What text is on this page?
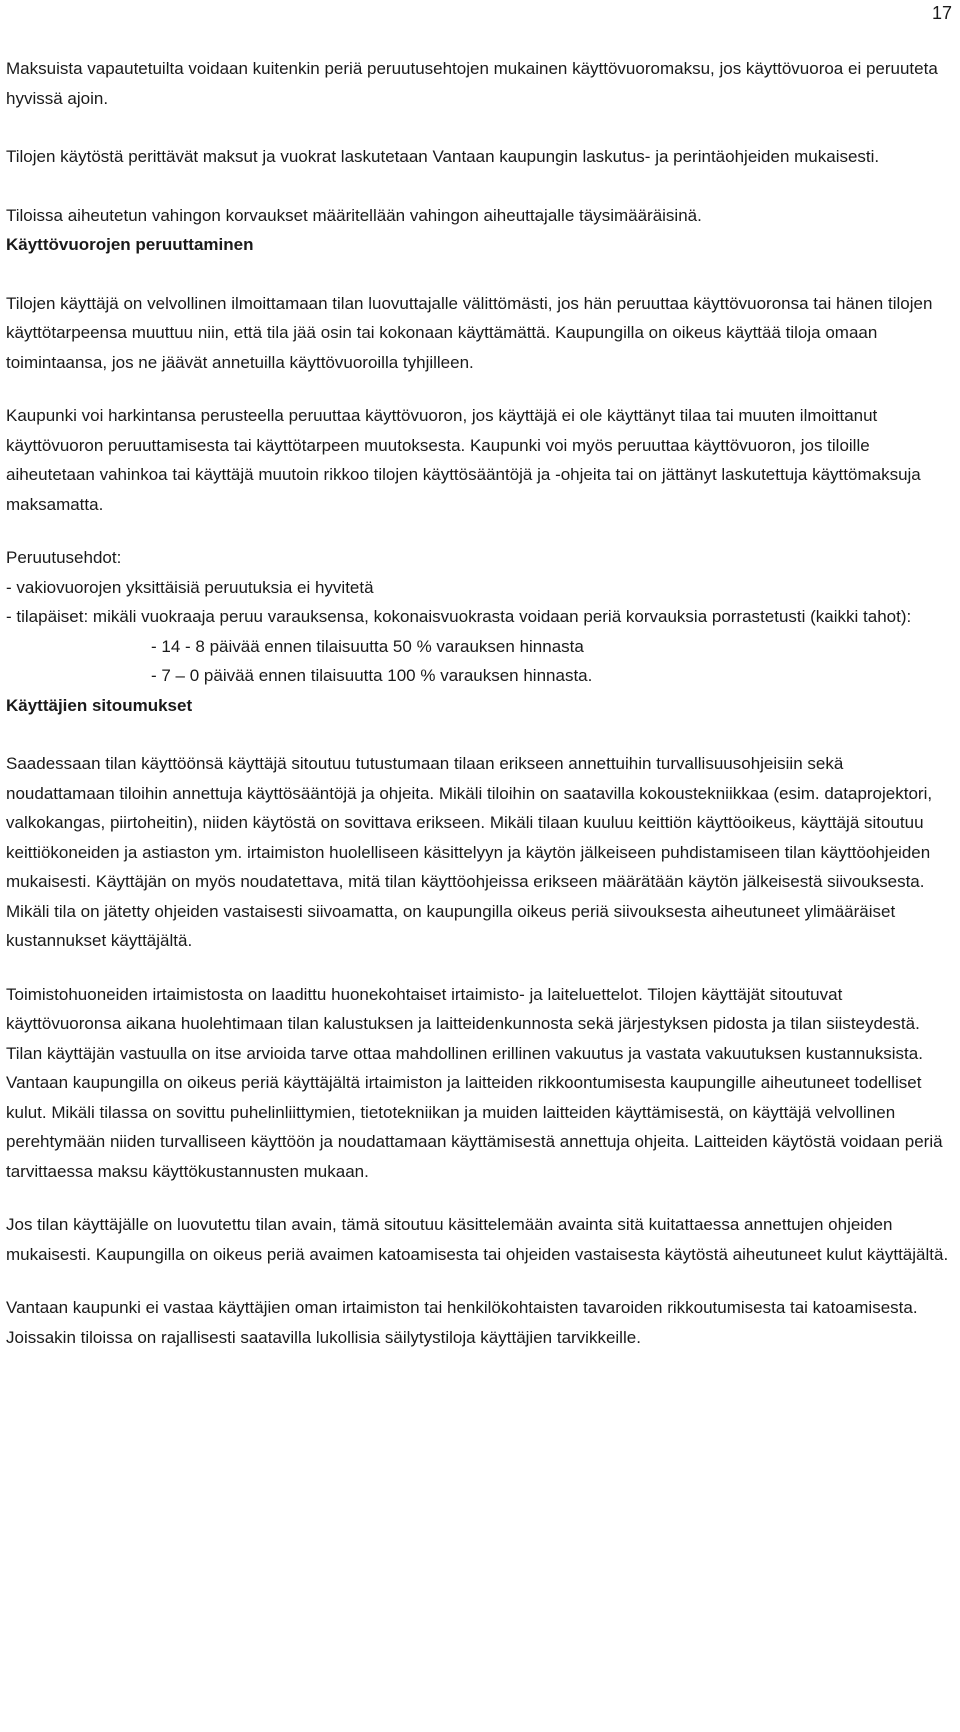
17

Maksuista vapautetuilta voidaan kuitenkin periä peruutusehtojen mukainen käyttövuoromaksu, jos käyttövuoroa ei peruuteta hyvissä ajoin.

Tilojen käytöstä perittävät maksut ja vuokrat laskutetaan Vantaan kaupungin laskutus- ja perintäohjeiden mukaisesti.

Tiloissa aiheutetun vahingon korvaukset määritellään vahingon aiheuttajalle täysimääräisinä.

Käyttövuorojen peruuttaminen

Tilojen käyttäjä on velvollinen ilmoittamaan tilan luovuttajalle välittömästi, jos hän peruuttaa käyttövuoronsa tai hänen tilojen käyttötarpeensa muuttuu niin, että tila jää osin tai kokonaan käyttämättä. Kaupungilla on oikeus käyttää tiloja omaan toimintaansa, jos ne jäävät annetuilla käyttövuoroilla tyhjilleen.

Kaupunki voi harkintansa perusteella peruuttaa käyttövuoron, jos käyttäjä ei ole käyttänyt tilaa tai muuten ilmoittanut käyttövuoron peruuttamisesta tai käyttötarpeen muutoksesta. Kaupunki voi myös peruuttaa käyttövuoron, jos tiloille aiheutetaan vahinkoa tai käyttäjä muutoin rikkoo tilojen käyttösääntöjä ja -ohjeita tai on jättänyt laskutettuja käyttömaksuja maksamatta.

Peruutusehdot:

- vakiovuorojen yksittäisiä peruutuksia ei hyvitetä

- tilapäiset: mikäli vuokraaja peruu varauksensa, kokonaisvuokrasta voidaan periä korvauksia porrastetusti (kaikki tahot):

- 14 - 8 päivää ennen tilaisuutta 50 % varauksen hinnasta

- 7 – 0 päivää ennen tilaisuutta 100 % varauksen hinnasta.

Käyttäjien sitoumukset

Saadessaan tilan käyttöönsä käyttäjä sitoutuu tutustumaan tilaan erikseen annettuihin turvallisuusohjeisiin sekä noudattamaan tiloihin annettuja käyttösääntöjä ja ohjeita. Mikäli tiloihin on saatavilla kokoustekniikkaa (esim. dataprojektori, valkokangas, piirtoheitin), niiden käytöstä on sovittava erikseen. Mikäli tilaan kuuluu keittiön käyttöoikeus, käyttäjä sitoutuu keittiökoneiden ja astiaston ym. irtaimiston huolelliseen käsittelyyn ja käytön jälkeiseen puhdistamiseen tilan käyttöohjeiden mukaisesti. Käyttäjän on myös noudatettava, mitä tilan käyttöohjeissa erikseen määrätään käytön jälkeisestä siivouksesta. Mikäli tila on jätetty ohjeiden vastaisesti siivoamatta, on kaupungilla oikeus periä siivouksesta aiheutuneet ylimääräiset kustannukset käyttäjältä.

Toimistohuoneiden irtaimistosta on laadittu huonekohtaiset irtaimisto- ja laiteluettelot. Tilojen käyttäjät sitoutuvat käyttövuoronsa aikana huolehtimaan tilan kalustuksen ja laitteidenkunnosta sekä järjestyksen pidosta ja tilan siisteydestä. Tilan käyttäjän vastuulla on itse arvioida tarve ottaa mahdollinen erillinen vakuutus ja vastata vakuutuksen kustannuksista. Vantaan kaupungilla on oikeus periä käyttäjältä irtaimiston ja laitteiden rikkoontumisesta kaupungille aiheutuneet todelliset kulut. Mikäli tilassa on sovittu puhelinliittymien, tietotekniikan ja muiden laitteiden käyttämisestä, on käyttäjä velvollinen perehtymään niiden turvalliseen käyttöön ja noudattamaan käyttämisestä annettuja ohjeita. Laitteiden käytöstä voidaan periä tarvittaessa maksu käyttökustannusten mukaan.

Jos tilan käyttäjälle on luovutettu tilan avain, tämä sitoutuu käsittelemään avainta sitä kuitattaessa annettujen ohjeiden mukaisesti. Kaupungilla on oikeus periä avaimen katoamisesta tai ohjeiden vastaisesta käytöstä aiheutuneet kulut käyttäjältä.

Vantaan kaupunki ei vastaa käyttäjien oman irtaimiston tai henkilökohtaisten tavaroiden rikkoutumisesta tai katoamisesta. Joissakin tiloissa on rajallisesti saatavilla lukollisia säilytystiloja käyttäjien tarvikkeille.
